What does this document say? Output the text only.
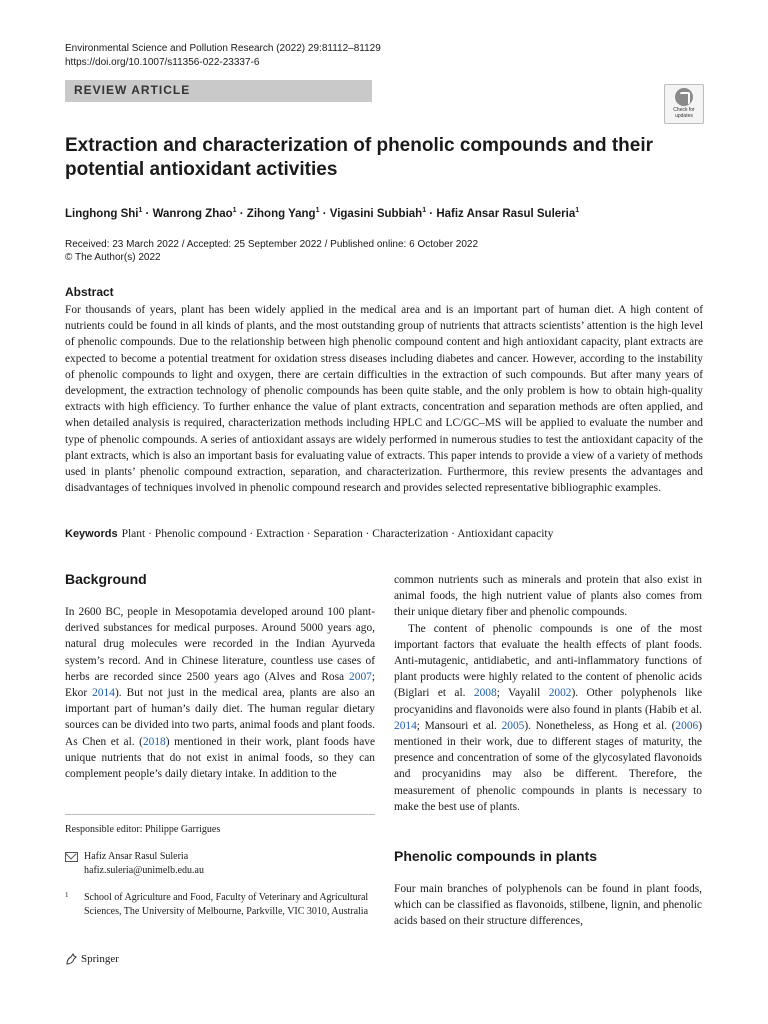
Environmental Science and Pollution Research (2022) 29:81112–81129
https://doi.org/10.1007/s11356-022-23337-6
REVIEW ARTICLE
Check for
updates
Extraction and characterization of phenolic compounds and their potential antioxidant activities
Linghong Shi$^1$ · Wanrong Zhao$^1$ · Zihong Yang$^1$ · Vigasini Subbiah$^1$ · Hafiz Ansar Rasul Suleria$^1$
Received: 23 March 2022 / Accepted: 25 September 2022 / Published online: 6 October 2022
© The Author(s) 2022
Abstract
For thousands of years, plant has been widely applied in the medical area and is an important part of human diet. A high content of nutrients could be found in all kinds of plants, and the most outstanding group of nutrients that attracts scientists’ attention is the high level of phenolic compounds. Due to the relationship between high phenolic compound content and high antioxidant capacity, plant extracts are expected to become a potential treatment for oxidation stress diseases including diabetes and cancer. However, according to the instability of phenolic compounds to light and oxygen, there are certain difficulties in the extraction of such compounds. But after many years of development, the extraction technology of phenolic compounds has been quite stable, and the only problem is how to obtain high-quality extracts with high efficiency. To further enhance the value of plant extracts, concentration and separation methods are often applied, and when detailed analysis is required, characterization methods including HPLC and LC/GC–MS will be applied to evaluate the number and type of phenolic compounds. A series of antioxidant assays are widely performed in numerous studies to test the antioxidant capacity of the plant extracts, which is also an important basis for evaluating value of extracts. This paper intends to provide a view of a variety of methods used in plants’ phenolic compound extraction, separation, and characterization. Furthermore, this review presents the advantages and disadvantages of techniques involved in phenolic compound research and provides selected representative bibliographic examples.
Keywords Plant · Phenolic compound · Extraction · Separation · Characterization · Antioxidant capacity
Background
In 2600 BC, people in Mesopotamia developed around 100 plant-derived substances for medical purposes. Around 5000 years ago, natural drug molecules were recorded in the Indian Ayurveda system’s record. And in Chinese literature, countless use cases of herbs are recorded since 2500 years ago (Alves and Rosa 2007; Ekor 2014). But not just in the medical area, plants are also an important part of human’s daily diet. The human regular dietary sources can be divided into two parts, animal foods and plant foods. As Chen et al. (2018) mentioned in their work, plant foods have unique nutrients that do not exist in animal foods, so they can complement people’s daily dietary intake. In addition to the

common nutrients such as minerals and protein that also exist in animal foods, the high nutrient value of plants also comes from their unique dietary fiber and phenolic compounds.

The content of phenolic compounds is one of the most important factors that evaluate the health effects of plant foods. Anti-mutagenic, antidiabetic, and anti-inflammatory functions of plant products were highly related to the content of phenolic acids (Biglari et al. 2008; Vayalil 2002). Other polyphenols like procyanidins and flavonoids were also found in plants (Habib et al. 2014; Mansouri et al. 2005). Nonetheless, as Hong et al. (2006) mentioned in their work, due to different stages of maturity, the presence and concentration of some of the glycosylated flavonoids and procyanidins may also be different. Therefore, the measurement of phenolic compounds in plants is necessary to make the best use of plants.

Responsible editor: Philippe Garrigues
Hafiz Ansar Rasul Suleria
hafiz.suleria@unimelb.edu.au
1 School of Agriculture and Food, Faculty of Veterinary and Agricultural Sciences, The University of Melbourne, Parkville, VIC 3010, Australia
Phenolic compounds in plants
Four main branches of polyphenols can be found in plant foods, which can be classified as flavonoids, stilbene, lignin, and phenolic acids based on their structure differences,
Springer
